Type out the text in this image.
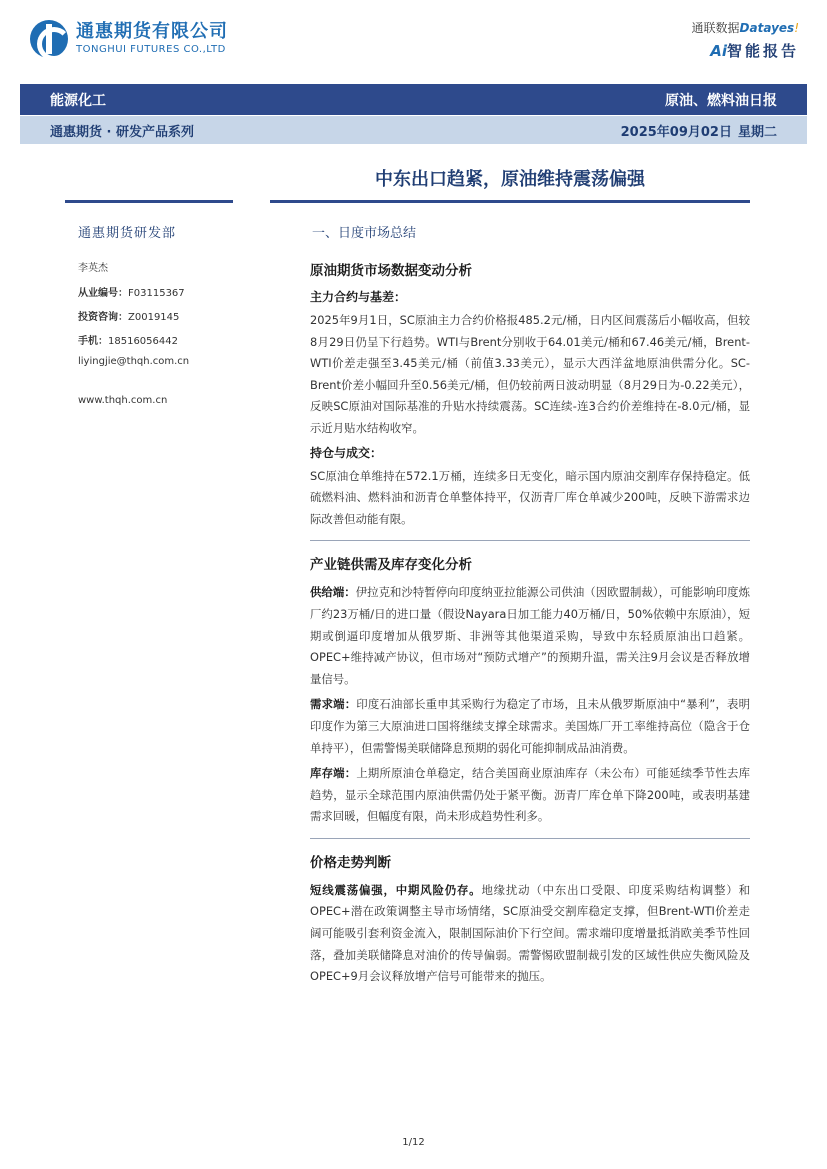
通惠期货有限公司
TONGHUI FUTURES CO.,LTD
通联数据Datayes!
Ai智能报告
能源化工	原油、燃料油日报
通惠期货 · 研发产品系列	2025年09月02日 星期二
中东出口趋紧，原油维持震荡偏强
通惠期货研发部
李英杰
从业编号：F03115367
投资咨询：Z0019145
手机：18516056442
liyingjie@thqh.com.cn
www.thqh.com.cn
一、日度市场总结
原油期货市场数据变动分析
主力合约与基差：
2025年9月1日，SC原油主力合约价格报485.2元/桶，日内区间震荡后小幅收高，但较8月29日仍呈下行趋势。WTI与Brent分别收于64.01美元/桶和67.46美元/桶，Brent-WTI价差走强至3.45美元/桶（前值3.33美元），显示大西洋盆地原油供需分化。SC-Brent价差小幅回升至0.56美元/桶，但仍较前两日波动明显（8月29日为-0.22美元），反映SC原油对国际基准的升贴水持续震荡。SC连续-连3合约价差维持在-8.0元/桶，显示近月贴水结构收窄。
持仓与成交：
SC原油仓单维持在572.1万桶，连续多日无变化，暗示国内原油交割库存保持稳定。低硫燃料油、燃料油和沥青仓单整体持平，仅沥青厂库仓单减少200吨，反映下游需求边际改善但动能有限。
产业链供需及库存变化分析
供给端：伊拉克和沙特暂停向印度纳亚拉能源公司供油（因欧盟制裁），可能影响印度炼厂约23万桶/日的进口量（假设Nayara日加工能力40万桶/日，50%依赖中东原油），短期或倒逼印度增加从俄罗斯、非洲等其他渠道采购，导致中东轻质原油出口趋紧。OPEC+维持减产协议，但市场对“预防式增产”的预期升温，需关注9月会议是否释放增量信号。
需求端：印度石油部长重申其采购行为稳定了市场，且未从俄罗斯原油中“暴利”，表明印度作为第三大原油进口国将继续支撑全球需求。美国炼厂开工率维持高位（隐含于仓单持平），但需警惕美联储降息预期的弱化可能抑制成品油消费。
库存端：上期所原油仓单稳定，结合美国商业原油库存（未公布）可能延续季节性去库趋势，显示全球范围内原油供需仍处于紧平衡。沥青厂库仓单下降200吨，或表明基建需求回暖，但幅度有限，尚未形成趋势性利多。
价格走势判断
短线震荡偏强，中期风险仍存。地缘扰动（中东出口受限、印度采购结构调整）和OPEC+潜在政策调整主导市场情绪，SC原油受交割库稳定支撑，但Brent-WTI价差走阔可能吸引套利资金流入，限制国际油价下行空间。需求端印度增量抵消欧美季节性回落，叠加美联储降息对油价的传导偏弱。需警惕欧盟制裁引发的区域性供应失衡风险及OPEC+9月会议释放增产信号可能带来的抛压。
1/12
